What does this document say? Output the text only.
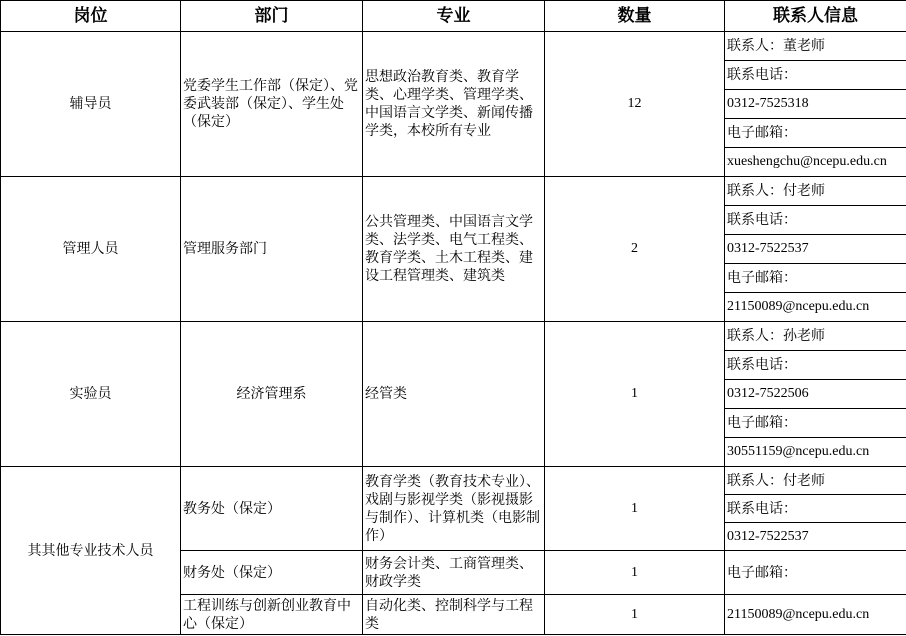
岗位	部门	专业	数量	联系人信息
辅导员	党委学生工作部（保定）、党委武装部（保定）、学生处（保定）	思想政治教育类、教育学类、心理学类、管理学类、中国语言文学类、新闻传播学类，本校所有专业	12	联系人：董老师
				联系电话：
				0312-7525318
				电子邮箱：
				xueshengchu@ncepu.edu.cn
管理人员	管理服务部门	公共管理类、中国语言文学类、法学类、电气工程类、教育学类、土木工程类、建设工程管理类、建筑类	2	联系人：付老师
				联系电话：
				0312-7522537
				电子邮箱：
				21150089@ncepu.edu.cn
实验员	经济管理系	经管类	1	联系人：孙老师
				联系电话：
				0312-7522506
				电子邮箱：
				30551159@ncepu.edu.cn
其其他专业技术人员	教务处（保定）	教育学类（教育技术专业）、戏剧与影视学类（影视摄影与制作）、计算机类（电影制作）	1	联系人：付老师
				联系电话：
				0312-7522537
	财务处（保定）	财务会计类、工商管理类、财政学类	1	电子邮箱：
	工程训练与创新创业教育中心（保定）	自动化类、控制科学与工程类	1	21150089@ncepu.edu.cn
